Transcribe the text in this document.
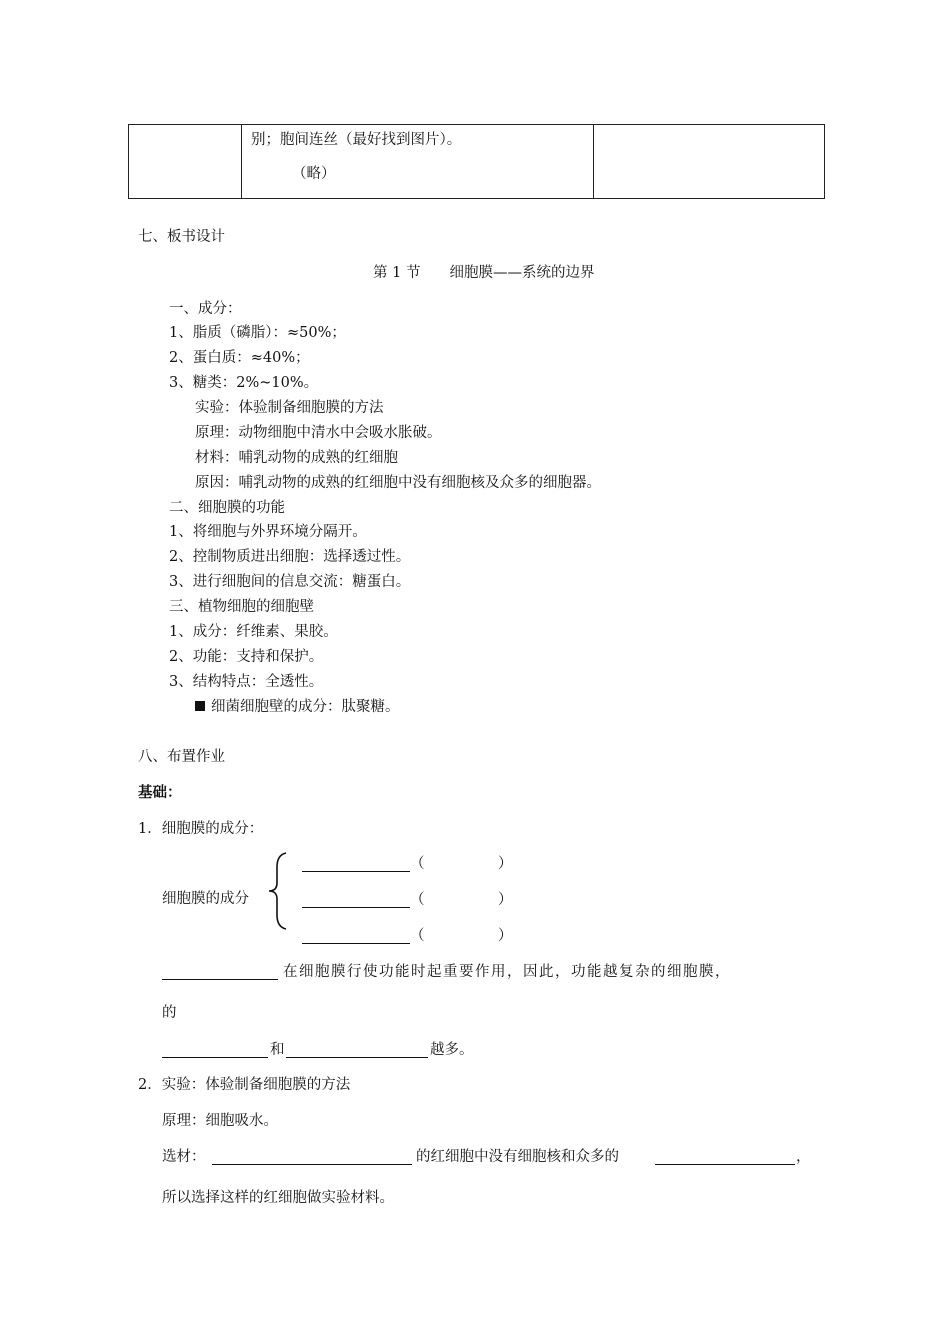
别；胞间连丝（最好找到图片）。
（略）

七、板书设计
第 1 节　　细胞膜——系统的边界
一、成分：
1、脂质（磷脂）：≈50%；
2、蛋白质：≈40%；
3、糖类：2%~10%。
实验：体验制备细胞膜的方法
原理：动物细胞中清水中会吸水胀破。
材料：哺乳动物的成熟的红细胞
原因：哺乳动物的成熟的红细胞中没有细胞核及众多的细胞器。
二、细胞膜的功能
1、将细胞与外界环境分隔开。
2、控制物质进出细胞：选择透过性。
3、进行细胞间的信息交流：糖蛋白。
三、植物细胞的细胞壁
1、成分：纤维素、果胶。
2、功能：支持和保护。
3、结构特点：全透性。
细菌细胞壁的成分：肽聚糖。
八、布置作业
基础：
1．细胞膜的成分：
细胞膜的成分
（	）
（	）
（	）
在细胞膜行使功能时起重要作用，因此，功能越复杂的细胞膜，
的
和	越多。
2．实验：体验制备细胞膜的方法
原理：细胞吸水。
选材：	的红细胞中没有细胞核和众多的	，
所以选择这样的红细胞做实验材料。
